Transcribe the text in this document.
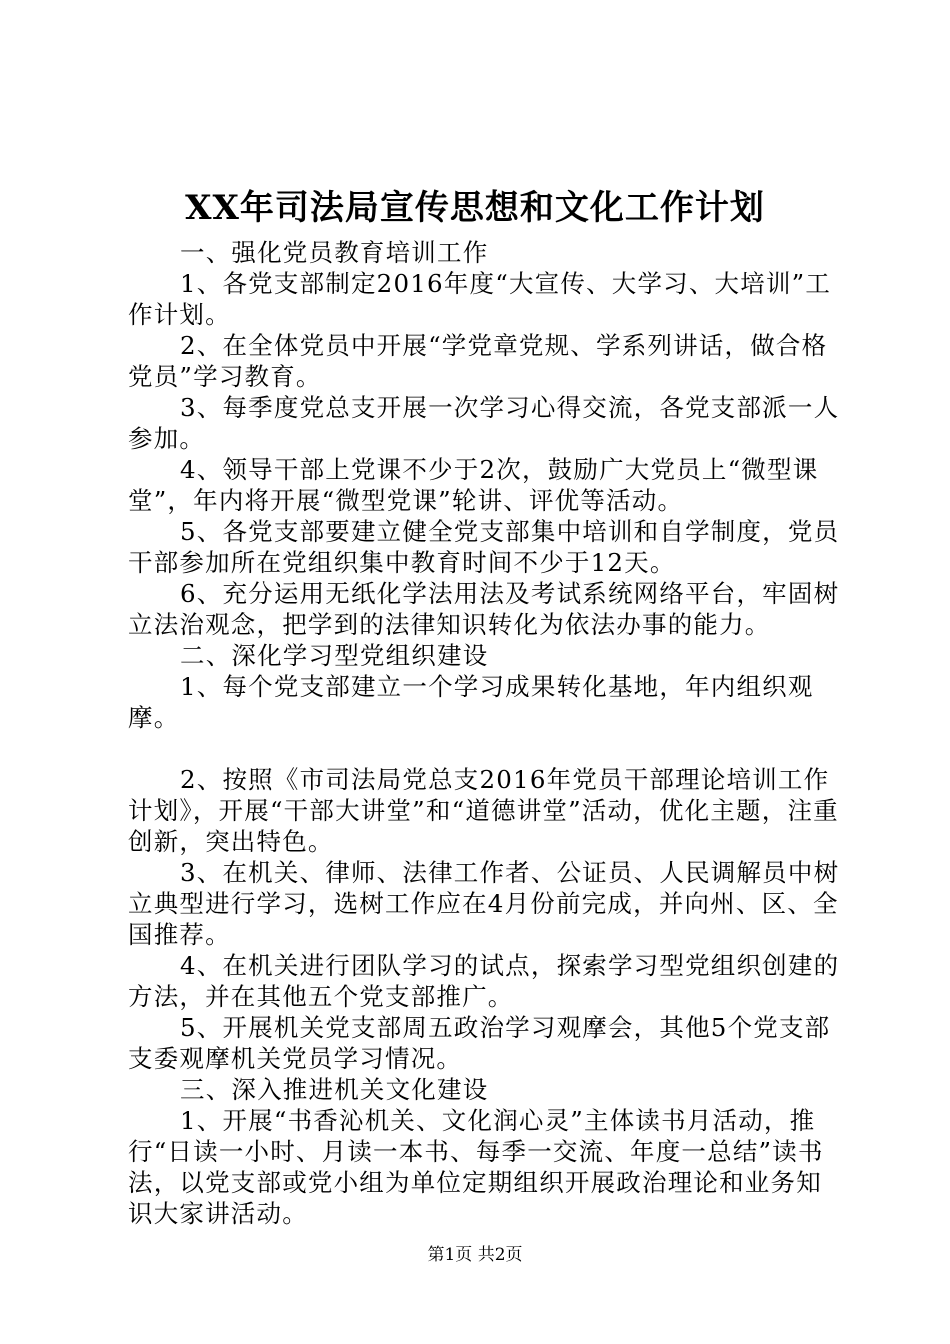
XX年司法局宣传思想和文化工作计划

一、强化党员教育培训工作

1、各党支部制定2016年度“大宣传、大学习、大培训”工作计划。

2、在全体党员中开展“学党章党规、学系列讲话，做合格党员”学习教育。

3、每季度党总支开展一次学习心得交流，各党支部派一人参加。

4、领导干部上党课不少于2次，鼓励广大党员上“微型课堂”，年内将开展“微型党课”轮讲、评优等活动。

5、各党支部要建立健全党支部集中培训和自学制度，党员干部参加所在党组织集中教育时间不少于12天。

6、充分运用无纸化学法用法及考试系统网络平台，牢固树立法治观念，把学到的法律知识转化为依法办事的能力。

二、深化学习型党组织建设

1、每个党支部建立一个学习成果转化基地，年内组织观摩。

2、按照《市司法局党总支2016年党员干部理论培训工作计划》，开展“干部大讲堂”和“道德讲堂”活动，优化主题，注重创新，突出特色。

3、在机关、律师、法律工作者、公证员、人民调解员中树立典型进行学习，选树工作应在4月份前完成，并向州、区、全国推荐。

4、在机关进行团队学习的试点，探索学习型党组织创建的方法，并在其他五个党支部推广。

5、开展机关党支部周五政治学习观摩会，其他5个党支部支委观摩机关党员学习情况。

三、深入推进机关文化建设

1、开展“书香沁机关、文化润心灵”主体读书月活动，推行“日读一小时、月读一本书、每季一交流、年度一总结”读书法，以党支部或党小组为单位定期组织开展政治理论和业务知识大家讲活动。

第1页 共2页
